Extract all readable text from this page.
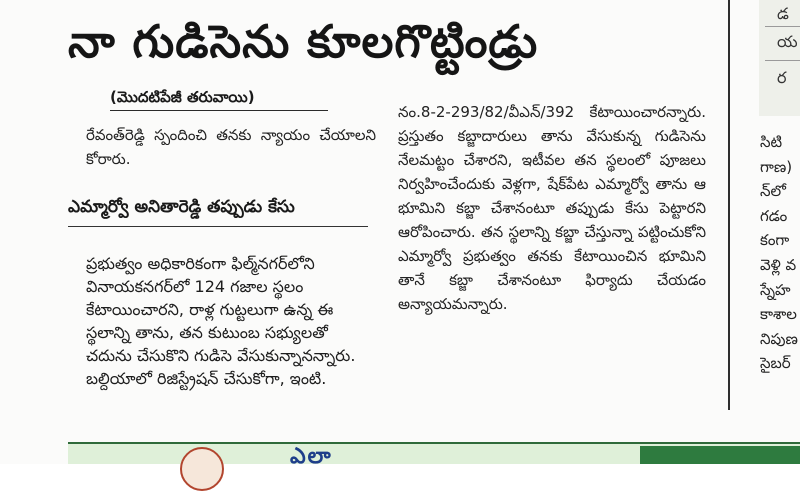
నా గుడిసెను కూలగొట్టిండ్రు
(మొదటిపేజీ తరువాయి)

రేవంత్‌రెడ్డి స్పందించి తనకు న్యాయం చేయాలని కోరారు.

ఎమ్మార్వో అనితారెడ్డి తప్పుడు కేసు

ప్రభుత్వం అధికారికంగా ఫిల్మ్‌నగర్‌లోని వినాయకనగర్‌లో 124 గజాల స్థలం కేటాయించారని, రాళ్ల గుట్టలుగా ఉన్న ఈ స్థలాన్ని తాను, తన కుటుంబ సభ్యులతో చదును చేసుకొని గుడిసె వేసుకున్నానన్నారు. బల్దియాలో రిజిస్ట్రేషన్‌ చేసుకోగా, ఇంటి.

నం.8-2-293/82/వీఎన్‌/392 కేటాయించారన్నారు. ప్రస్తుతం కబ్జాదారులు తాను వేసుకున్న గుడిసెను నేలమట్టం చేశారని, ఇటీవల తన స్థలంలో పూజలు నిర్వహించేందుకు వెళ్లగా, షేక్‌పేట ఎమ్మార్వో తాను ఆ భూమిని కబ్జా చేశానంటూ తప్పుడు కేసు పెట్టారని ఆరోపించారు. తన స్థలాన్ని కబ్జా చేస్తున్నా పట్టించుకోని ఎమ్మార్వో ప్రభుత్వం తనకు కేటాయించిన భూమిని తానే కబ్జా చేశానంటూ ఫిర్యాదు చేయడం అన్యాయమన్నారు.

డ
య
ర
సిటి
గాణ)
న్‌లో
గడం
కంగా
వెళ్లి వ
స్నేహ
కాశాల
నిపుణ
సైబర్‌
ఎలా
